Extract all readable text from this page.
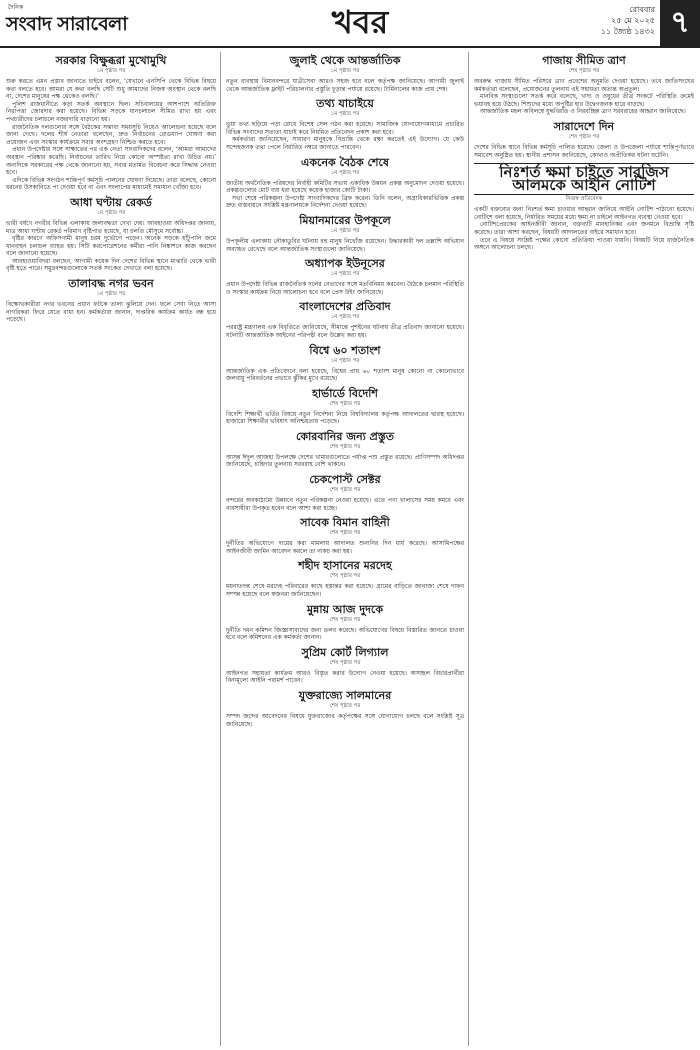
দৈনিক
সংবাদ সারাবেলা	খবর	রোববার
২৫ মে ২০২৫
১১ জ্যৈষ্ঠ ১৪৩২ ৭
সরকার বিক্ষুব্ধরা মুখোমুখি
১ম পৃষ্ঠার পর

শুরু করতে এমন প্রস্তাব জানাতে চাইবে বলেন, ‘যেখানে এনসিপি থেকে বিভিন্ন বিষয়ে কথা বলতে হবে। আমরা যে কথা বলছি সেটি শুধু আমাদের নিজস্ব অবস্থান থেকে বলছি না, দেশের মানুষের পক্ষ থেকেও বলছি।’

পুলিশ রাজধানীতে কড়া সতর্ক অবস্থানে ছিল। সচিবালয়ের আশপাশে অতিরিক্ত নিরাপত্তা জোরদার করা হয়েছে। বিভিন্ন সড়কে যানচলাচল সীমিত রাখা হয় এবং পথচারীদের চলাচলে নজরদারি বাড়ানো হয়।

রাজনৈতিক দলগুলোর সঙ্গে বৈঠকের সম্ভাব্য সময়সূচি নিয়েও আলোচনা হয়েছে বলে জানা গেছে। দলের শীর্ষ নেতারা বলেছেন, দ্রুত নির্বাচনের রোডম্যাপ ঘোষণা করা প্রয়োজন এবং সংস্কার কার্যক্রমে সবার অংশগ্রহণ নিশ্চিত করতে হবে।

প্রধান উপদেষ্টার সঙ্গে সাক্ষাতের পর এক নেতা সাংবাদিকদের বলেন, ‘আমরা আমাদের অবস্থান পরিষ্কার করেছি। নির্বাচনের তারিখ নিয়ে কোনো অস্পষ্টতা রাখা উচিত নয়।’ অন্যদিকে সরকারের পক্ষ থেকে জানানো হয়, সবার মতামত বিবেচনা করে সিদ্ধান্ত নেওয়া হবে।

এদিকে বিভিন্ন সংগঠন শান্তিপূর্ণ কর্মসূচি পালনের ঘোষণা দিয়েছে। তারা বলেছে, কোনো ধরনের উসকানিতে পা দেওয়া হবে না এবং সংলাপের মাধ্যমেই সমাধান খোঁজা হবে।

আধা ঘণ্টায় রেকর্ড
১ম পৃষ্ঠার পর

ভারী বর্ষণে নগরীর বিভিন্ন এলাকায় জলাবদ্ধতা দেখা দেয়। আবহাওয়া অধিদপ্তর জানায়, মাত্র আধা ঘণ্টায় রেকর্ড পরিমাণ বৃষ্টিপাত হয়েছে, যা চলতি মৌসুমে সর্বোচ্চ।

বৃষ্টির কারণে অফিসগামী মানুষ চরম দুর্ভোগে পড়েন। অনেক সড়কে হাঁটুপানি জমে যানবাহন চলাচল ব্যাহত হয়। সিটি করপোরেশনের কর্মীরা পানি নিষ্কাশনে কাজ করছেন বলে জানানো হয়েছে।

আবহাওয়াবিদরা বলছেন, আগামী কয়েক দিন দেশের বিভিন্ন স্থানে মাঝারি থেকে ভারী বৃষ্টি হতে পারে। সমুদ্রবন্দরগুলোকে সতর্ক সংকেত দেখাতে বলা হয়েছে।

তালাবদ্ধ নগর ভবন
১ম পৃষ্ঠার পর

বিক্ষোভকারীরা নগর ভবনের প্রধান ফটকে তালা ঝুলিয়ে দেন। ফলে সেবা নিতে আসা নাগরিকরা ফিরে যেতে বাধ্য হন। কর্মকর্তারা জানান, দাপ্তরিক কার্যক্রম কার্যত বন্ধ হয়ে পড়েছে।

জুলাই থেকে আন্তর্জাতিক
১ম পৃষ্ঠার পর

নতুন ব্যবস্থায় বিমানবন্দরে যাত্রীসেবা আরও সহজ হবে বলে কর্তৃপক্ষ জানিয়েছে। আগামী জুলাই থেকে আন্তর্জাতিক ফ্লাইট পরিচালনার প্রস্তুতি চূড়ান্ত পর্যায়ে রয়েছে। টার্মিনালের কাজ প্রায় শেষ।

তথ্য যাচাইয়ে
১ম পৃষ্ঠার পর

ভুয়া তথ্য ছড়িয়ে পড়া রোধে বিশেষ সেল গঠন করা হয়েছে। সামাজিক যোগাযোগমাধ্যমে প্রচারিত বিভিন্ন সংবাদের সত্যতা যাচাই করে নিয়মিত প্রতিবেদন প্রকাশ করা হবে।

কর্মকর্তারা জানিয়েছেন, সাধারণ মানুষকে বিভ্রান্তি থেকে রক্ষা করতেই এই উদ্যোগ। যে কেউ সন্দেহজনক তথ্য পেলে নির্ধারিত নম্বরে জানাতে পারবেন।

একনেক বৈঠক শেষে
১ম পৃষ্ঠার পর

জাতীয় অর্থনৈতিক পরিষদের নির্বাহী কমিটির সভায় একাধিক উন্নয়ন প্রকল্প অনুমোদন দেওয়া হয়েছে। প্রকল্পগুলোর মোট ব্যয় ধরা হয়েছে কয়েক হাজার কোটি টাকা।

সভা শেষে পরিকল্পনা উপদেষ্টা সাংবাদিকদের ব্রিফ করেন। তিনি বলেন, অগ্রাধিকারভিত্তিক প্রকল্প দ্রুত বাস্তবায়নে সংশ্লিষ্ট মন্ত্রণালয়কে নির্দেশনা দেওয়া হয়েছে।

মিয়ানমারের উপকূলে
১ম পৃষ্ঠার পর

উপকূলীয় এলাকায় নৌকাডুবির ঘটনায় বহু মানুষ নিখোঁজ রয়েছেন। উদ্ধারকারী দল তল্লাশি অভিযান অব্যাহত রেখেছে বলে আন্তর্জাতিক সংস্থাগুলো জানিয়েছে।

অধ্যাপক ইউনূসের
১ম পৃষ্ঠার পর

প্রধান উপদেষ্টা বিভিন্ন রাজনৈতিক দলের নেতাদের সঙ্গে মতবিনিময় করবেন। বৈঠকে চলমান পরিস্থিতি ও সংস্কার কার্যক্রম নিয়ে আলোচনা হবে বলে প্রেস উইং জানিয়েছে।

বাংলাদেশের প্রতিবাদ
১ম পৃষ্ঠার পর

পররাষ্ট্র মন্ত্রণালয় এক বিবৃতিতে জানিয়েছে, সীমান্তে পুশইনের ঘটনায় তীব্র প্রতিবাদ জানানো হয়েছে। ঘটনাটি আন্তর্জাতিক আইনের পরিপন্থী বলে উল্লেখ করা হয়।

বিশ্বে ৬০ শতাংশ
১ম পৃষ্ঠার পর

আন্তর্জাতিক এক প্রতিবেদনে বলা হয়েছে, বিশ্বের প্রায় ৬০ শতাংশ মানুষ কোনো না কোনোভাবে জলবায়ু পরিবর্তনের প্রভাবে ঝুঁকির মুখে রয়েছে।

হার্ভার্ডে বিদেশি
শেষ পৃষ্ঠার পর

বিদেশি শিক্ষার্থী ভর্তির বিষয়ে নতুন নির্দেশনা নিয়ে বিশ্ববিদ্যালয় কর্তৃপক্ষ আদালতের দ্বারস্থ হয়েছে। হাজারো শিক্ষার্থীর ভবিষ্যৎ অনিশ্চয়তায় পড়েছে।

কোরবানির জন্য প্রস্তুত
শেষ পৃষ্ঠার পর

আসন্ন ঈদুল আজহা উপলক্ষে দেশের খামারগুলোতে পর্যাপ্ত পশু প্রস্তুত রয়েছে। প্রাণিসম্পদ অধিদপ্তর জানিয়েছে, চাহিদার তুলনায় সরবরাহ বেশি থাকবে।

চেকপোস্ট সেক্টর
শেষ পৃষ্ঠার পর

বন্দরের অবকাঠামো উন্নয়নে নতুন পরিকল্পনা নেওয়া হয়েছে। এতে পণ্য খালাসের সময় কমবে এবং ব্যবসায়ীরা উপকৃত হবেন বলে আশা করা হচ্ছে।

সাবেক বিমান বাহিনী
শেষ পৃষ্ঠার পর

দুর্নীতির অভিযোগে দায়ের করা মামলায় আদালত শুনানির দিন ধার্য করেছে। আসামিপক্ষের আইনজীবী জামিন আবেদন করলে তা নাকচ করা হয়।

শহীদ হাসানের মরদেহ
শেষ পৃষ্ঠার পর

ময়নাতদন্ত শেষে মরদেহ পরিবারের কাছে হস্তান্তর করা হয়েছে। গ্রামের বাড়িতে জানাজা শেষে দাফন সম্পন্ন হয়েছে বলে স্বজনরা জানিয়েছেন।

মুন্নায় আজ দুদকে
শেষ পৃষ্ঠার পর

দুর্নীতি দমন কমিশন জিজ্ঞাসাবাদের জন্য তলব করেছে। অভিযোগের বিষয়ে বিস্তারিত জানতে চাওয়া হবে বলে কমিশনের এক কর্মকর্তা জানান।

সুপ্রিম কোর্ট লিগ্যাল
শেষ পৃষ্ঠার পর

আইনগত সহায়তা কার্যক্রম আরও বিস্তৃত করার উদ্যোগ নেওয়া হয়েছে। অসচ্ছল বিচারপ্রার্থীরা বিনামূল্যে আইনি পরামর্শ পাবেন।

যুক্তরাজ্যে সালমানের
শেষ পৃষ্ঠার পর

সম্পদ জব্দের আবেদনের বিষয়ে যুক্তরাজ্যের কর্তৃপক্ষের সঙ্গে যোগাযোগ চলছে বলে সংশ্লিষ্ট সূত্র জানিয়েছে।

গাজায় সীমিত ত্রাণ
শেষ পৃষ্ঠার পর

অবরুদ্ধ গাজায় সীমিত পরিসরে ত্রাণ প্রবেশের অনুমতি দেওয়া হয়েছে। তবে জাতিসংঘের কর্মকর্তারা বলেছেন, প্রয়োজনের তুলনায় এই সহায়তা অত্যন্ত অপ্রতুল।

মানবিক সংস্থাগুলো সতর্ক করে বলেছে, খাদ্য ও ওষুধের তীব্র সংকটে পরিস্থিতি ক্রমেই ভয়াবহ হয়ে উঠছে। শিশুদের মধ্যে অপুষ্টির হার উদ্বেগজনক হারে বাড়ছে।

আন্তর্জাতিক মহল অবিলম্বে যুদ্ধবিরতি ও নিরবচ্ছিন্ন ত্রাণ সরবরাহের আহ্বান জানিয়েছে।

সারাদেশে দিন
শেষ পৃষ্ঠার পর

দেশের বিভিন্ন স্থানে বিভিন্ন কর্মসূচি পালিত হয়েছে। জেলা ও উপজেলা পর্যায়ে শান্তিপূর্ণভাবে সমাবেশ অনুষ্ঠিত হয়। স্থানীয় প্রশাসন জানিয়েছে, কোথাও অপ্রীতিকর ঘটনা ঘটেনি।

নিঃশর্ত ক্ষমা চাইতে সারজিস আলমকে আইনি নোটিশ
নিজস্ব প্রতিবেদক

একটি বক্তব্যের জন্য নিঃশর্ত ক্ষমা চাওয়ার আহ্বান জানিয়ে আইনি নোটিশ পাঠানো হয়েছে। নোটিশে বলা হয়েছে, নির্ধারিত সময়ের মধ্যে ক্ষমা না চাইলে আইনগত ব্যবস্থা নেওয়া হবে।

নোটিশপ্রেরকের আইনজীবী জানান, বক্তব্যটি মানহানিকর এবং জনমনে বিভ্রান্তি সৃষ্টি করেছে। তারা আশা করছেন, বিষয়টি আদালতের বাইরে সমাধান হবে।

তবে এ বিষয়ে সংশ্লিষ্ট পক্ষের কোনো প্রতিক্রিয়া পাওয়া যায়নি। বিষয়টি নিয়ে রাজনৈতিক অঙ্গনে আলোচনা চলছে।
